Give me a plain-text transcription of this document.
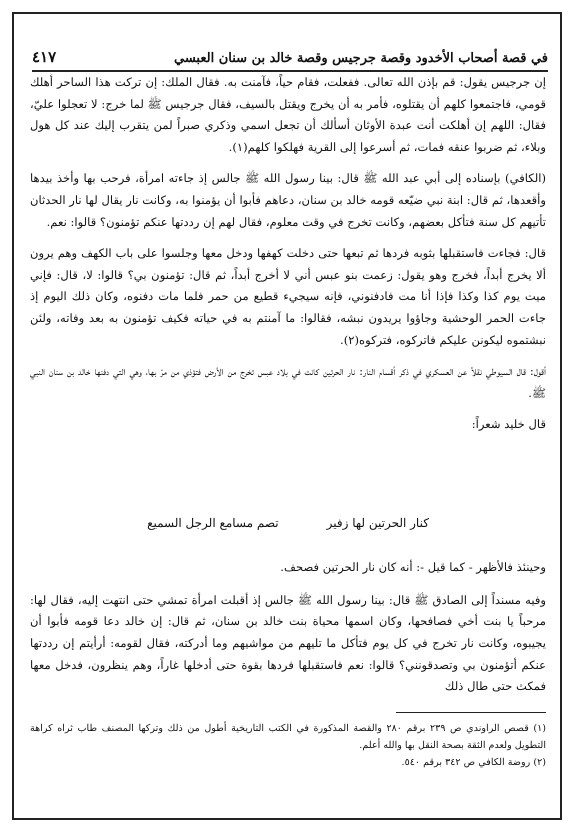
في قصة أصحاب الأخدود وقصة جرجيس وقصة خالد بن سنان العبسي
٤١٧

إن جرجيس يقول: قم بإذن الله تعالى. ففعلت، فقام حياً، فآمنت به. فقال الملك: إن تركت هذا الساحر أهلك قومي، فاجتمعوا كلهم أن يقتلوه، فأمر به أن يخرج ويقتل بالسيف، فقال جرجيس ﷺ لما خرج: لا تعجلوا عليّ، فقال: اللهم إن أهلكت أنت عبدة الأوثان أسألك أن تجعل اسمي وذكري صبراً لمن يتقرب إليك عند كل هول وبلاء، ثم ضربوا عنقه فمات، ثم أسرعوا إلى القرية فهلكوا كلهم(١).

(الكافي) بإسناده إلى أبي عبد الله ﷺ قال: بينا رسول الله ﷺ جالس إذ جاءته امرأة، فرحب بها وأخذ بيدها وأقعدها، ثم قال: ابنة نبي ضيّعه قومه خالد بن سنان، دعاهم فأبوا أن يؤمنوا به، وكانت نار يقال لها نار الحدثان تأتيهم كل سنة فتأكل بعضهم، وكانت تخرج في وقت معلوم، فقال لهم إن رددتها عنكم تؤمنون؟ قالوا: نعم.

قال: فجاءت فاستقبلها بثوبه فردها ثم تبعها حتى دخلت كهفها ودخل معها وجلسوا على باب الكهف وهم يرون ألا يخرج أبداً، فخرج وهو يقول: زعمت بنو عبس أني لا أخرج أبداً، ثم قال: تؤمنون بي؟ قالوا: لا، قال: فإني ميت يوم كذا وكذا فإذا أنا مت فادفنوني، فإنه سيجيء قطيع من حمر فلما مات دفنوه، وكان ذلك اليوم إذ جاءت الحمر الوحشية وجاؤوا يريدون نبشه، فقالوا: ما آمنتم به في حياته فكيف تؤمنون به بعد وفاته، ولئن نبشتموه ليكونن عليكم فاتركوه، فتركوه(٢).

أقول: قال السيوطي نقلاً عن العسكري في ذكر أقسام النار: نار الحرتين كانت في بلاد عبس تخرج من الأرض فتؤذي من مرّ بها، وهي التي دفنها خالد بن سنان النبي ﷺ.

قال خليد شعراً:

كنار الحرتين لها زفير
تصم مسامع الرجل السميع

وحينئذ فالأظهر - كما قيل -: أنه كان نار الحرتين فصحف.

وفيه مسنداً إلى الصادق ﷺ قال: بينا رسول الله ﷺ جالس إذ أقبلت امرأة تمشي حتى انتهت إليه، فقال لها: مرحباً يا بنت أخي فصافحها، وكان اسمها محياة بنت خالد بن سنان، ثم قال: إن خالد دعا قومه فأبوا أن يجيبوه، وكانت نار تخرج في كل يوم فتأكل ما تليهم من مواشيهم وما أدركته، فقال لقومه: أرأيتم إن رددتها عنكم أتؤمنون بي وتصدقونني؟ قالوا: نعم فاستقبلها فردها بقوة حتى أدخلها غاراً، وهم ينظرون، فدخل معها فمكث حتى طال ذلك

(١) قصص الراوندي ص ٢٣٩ برقم ٢٨٠ والقصة المذكورة في الكتب التاريخية أطول من ذلك وتركها المصنف طاب ثراه كراهة التطويل ولعدم الثقة بصحة النقل بها والله أعلم.

(٢) روضة الكافي ص ٣٤٢ برقم ٥٤٠.
